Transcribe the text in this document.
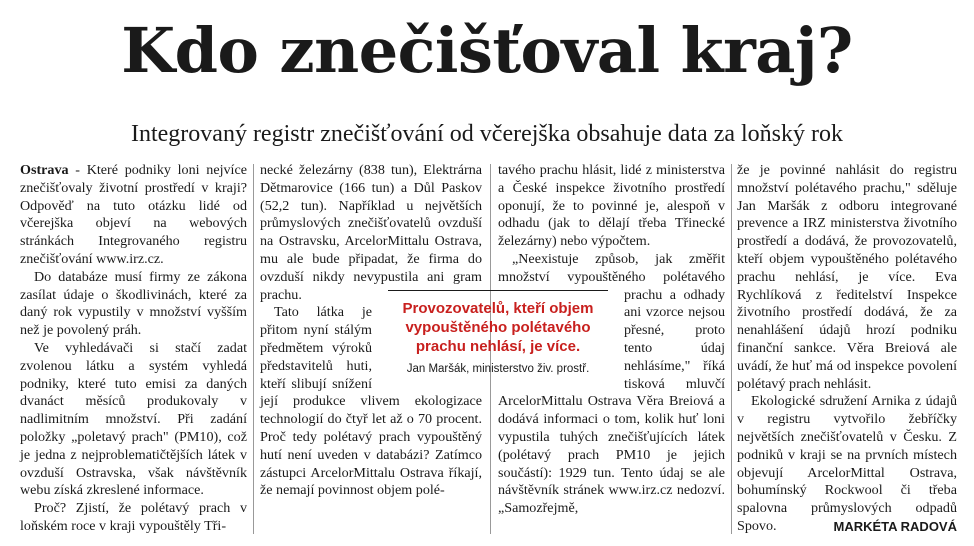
Kdo znečišťoval kraj?
Integrovaný registr znečišťování od včerejška obsahuje data za loňský rok

Ostrava - Které podniky loni nejvíce znečišťovaly životní prostředí v kraji? Odpověď na tuto otázku lidé od včerejška objeví na webových stránkách Integrovaného registru znečišťování www.irz.cz.

Do databáze musí firmy ze zákona zasílat údaje o škodlivinách, které za daný rok vypustily v množství vyšším než je povolený práh.

Ve vyhledávači si stačí zadat zvolenou látku a systém vyhledá podniky, které tuto emisi za daných dvanáct měsíců produkovaly v nadlimitním množství. Při zadání položky „poletavý prach" (PM10), což je jedna z nejproblematičtějších látek v ovzduší Ostravska, však návštěvník webu získá zkreslené informace.

Proč? Zjistí, že polétavý prach v loňském roce v kraji vypouštěly Tři-

necké železárny (838 tun), Elektrárna Dětmarovice (166 tun) a Důl Paskov (52,2 tun). Například u největších průmyslových znečišťovatelů ovzduší na Ostravsku, ArcelorMittalu Ostrava, mu ale bude připadat, že firma do ovzduší nikdy nevypustila ani gram prachu.

Tato látka je přitom nyní stálým předmětem výroků představitelů huti, kteří slibují snížení její produkce vlivem ekologizace technologií do čtyř let až o 70 procent. Proč tedy polétavý prach vypouštěný hutí není uveden v databázi? Zatímco zástupci ArcelorMittalu Ostrava říkají, že nemají povinnost objem polé-

tavého prachu hlásit, lidé z ministerstva a České inspekce životního prostředí oponují, že to povinné je, alespoň v odhadu (jak to dělají třeba Třinecké železárny) nebo výpočtem.

„Neexistuje způsob, jak změřit množství vypouštěného polétavého prachu a odhady ani vzorce nejsou přesné, proto tento údaj nehlásíme," říká tisková mluvčí ArcelorMittalu Ostrava Věra Breiová a dodává informaci o tom, kolik huť loni vypustila tuhých znečišťujících látek (polétavý prach PM10 je jejich součástí): 1929 tun. Tento údaj se ale návštěvník stránek www.irz.cz nedozví. „Samozřejmě,

že je povinné nahlásit do registru množství polétavého prachu," sděluje Jan Maršák z odboru integrované prevence a IRZ ministerstva životního prostředí a dodává, že provozovatelů, kteří objem vypouštěného polétavého prachu nehlásí, je více. Eva Rychlíková z ředitelství Inspekce životního prostředí dodává, že za nenahlášení údajů hrozí podniku finanční sankce. Věra Breiová ale uvádí, že huť má od inspekce povolení polétavý prach nehlásit.

Ekologické sdružení Arnika z údajů v registru vytvořilo žebříčky největších znečišťovatelů v Česku. Z podniků v kraji se na prvních místech objevují ArcelorMittal Ostrava, bohumínský Rockwool či třeba spalovna průmyslových odpadů Spovo.	MARKÉTA RADOVÁ

Provozovatelů, kteří objem vypouštěného polétavého prachu nehlásí, je více.
Jan Maršák, ministerstvo živ. prostř.
